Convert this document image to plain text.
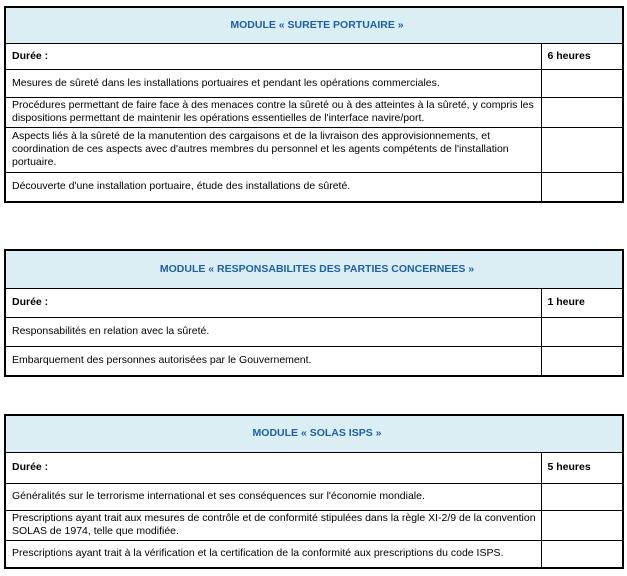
MODULE « SURETE PORTUAIRE »	
Durée :	6 heures
Mesures de sûreté dans les installations portuaires et pendant les opérations commerciales.	
Procédures permettant de faire face à des menaces contre la sûreté ou à des atteintes à la sûreté, y compris les dispositions permettant de maintenir les opérations essentielles de l'interface navire/port.	
Aspects liés à la sûreté de la manutention des cargaisons et de la livraison des approvisionnements, et coordination de ces aspects avec d'autres membres du personnel et les agents compétents de l'installation portuaire.	
Découverte d'une installation portuaire, étude des installations de sûreté.	
MODULE « RESPONSABILITES DES PARTIES CONCERNEES »	
Durée :	1 heure
Responsabilités en relation avec la sûreté.	
Embarquement des personnes autorisées par le Gouvernement.	
MODULE « SOLAS ISPS »	
Durée :	5 heures
Généralités sur le terrorisme international et ses conséquences sur l'économie mondiale.	
Prescriptions ayant trait aux mesures de contrôle et de conformité stipulées dans la règle XI-2/9 de la convention SOLAS de 1974, telle que modifiée.	
Prescriptions ayant trait à la vérification et la certification de la conformité aux prescriptions du code ISPS.	
